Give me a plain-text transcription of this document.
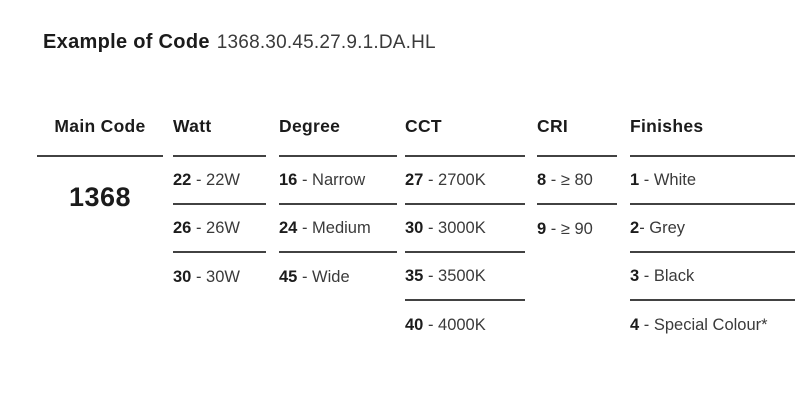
Example of Code 1368.30.45.27.9.1.DA.HL
Main Code
1368
Watt
22 - 22W
26 - 26W
30 - 30W
Degree
16 - Narrow
24 - Medium
45 - Wide
CCT
27 - 2700K
30 - 3000K
35 - 3500K
40 - 4000K
CRI
8 - ≥ 80
9 - ≥ 90
Finishes
1 - White
2 - Grey
3 - Black
4 - Special Colour*
